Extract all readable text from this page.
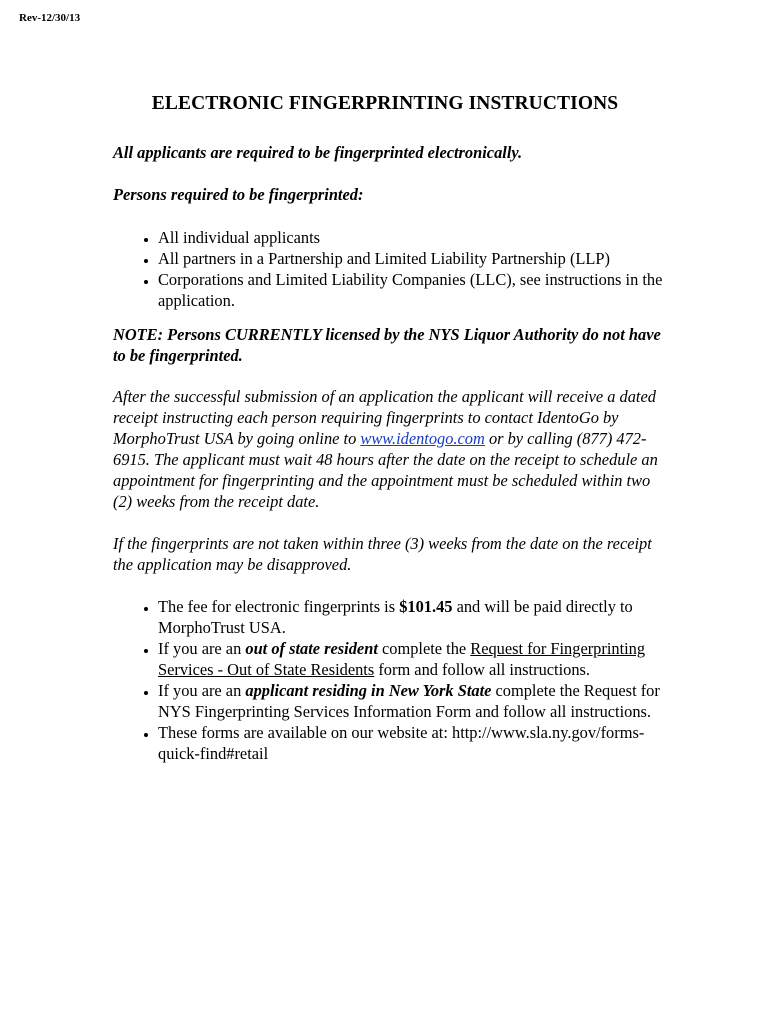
Rev-12/30/13
ELECTRONIC FINGERPRINTING INSTRUCTIONS

All applicants are required to be fingerprinted electronically.

Persons required to be fingerprinted:

• All individual applicants
• All partners in a Partnership and Limited Liability Partnership (LLP)
• Corporations and Limited Liability Companies (LLC), see instructions in the application.

NOTE: Persons CURRENTLY licensed by the NYS Liquor Authority do not have to be fingerprinted.

After the successful submission of an application the applicant will receive a dated receipt instructing each person requiring fingerprints to contact IdentoGo by MorphoTrust USA by going online to www.identogo.com or by calling (877) 472-6915. The applicant must wait 48 hours after the date on the receipt to schedule an appointment for fingerprinting and the appointment must be scheduled within two (2) weeks from the receipt date.

If the fingerprints are not taken within three (3) weeks from the date on the receipt the application may be disapproved.

• The fee for electronic fingerprints is $101.45 and will be paid directly to MorphoTrust USA.
• If you are an out of state resident complete the Request for Fingerprinting Services - Out of State Residents form and follow all instructions.
• If you are an applicant residing in New York State complete the Request for NYS Fingerprinting Services Information Form and follow all instructions.
• These forms are available on our website at: http://www.sla.ny.gov/forms-quick-find#retail
